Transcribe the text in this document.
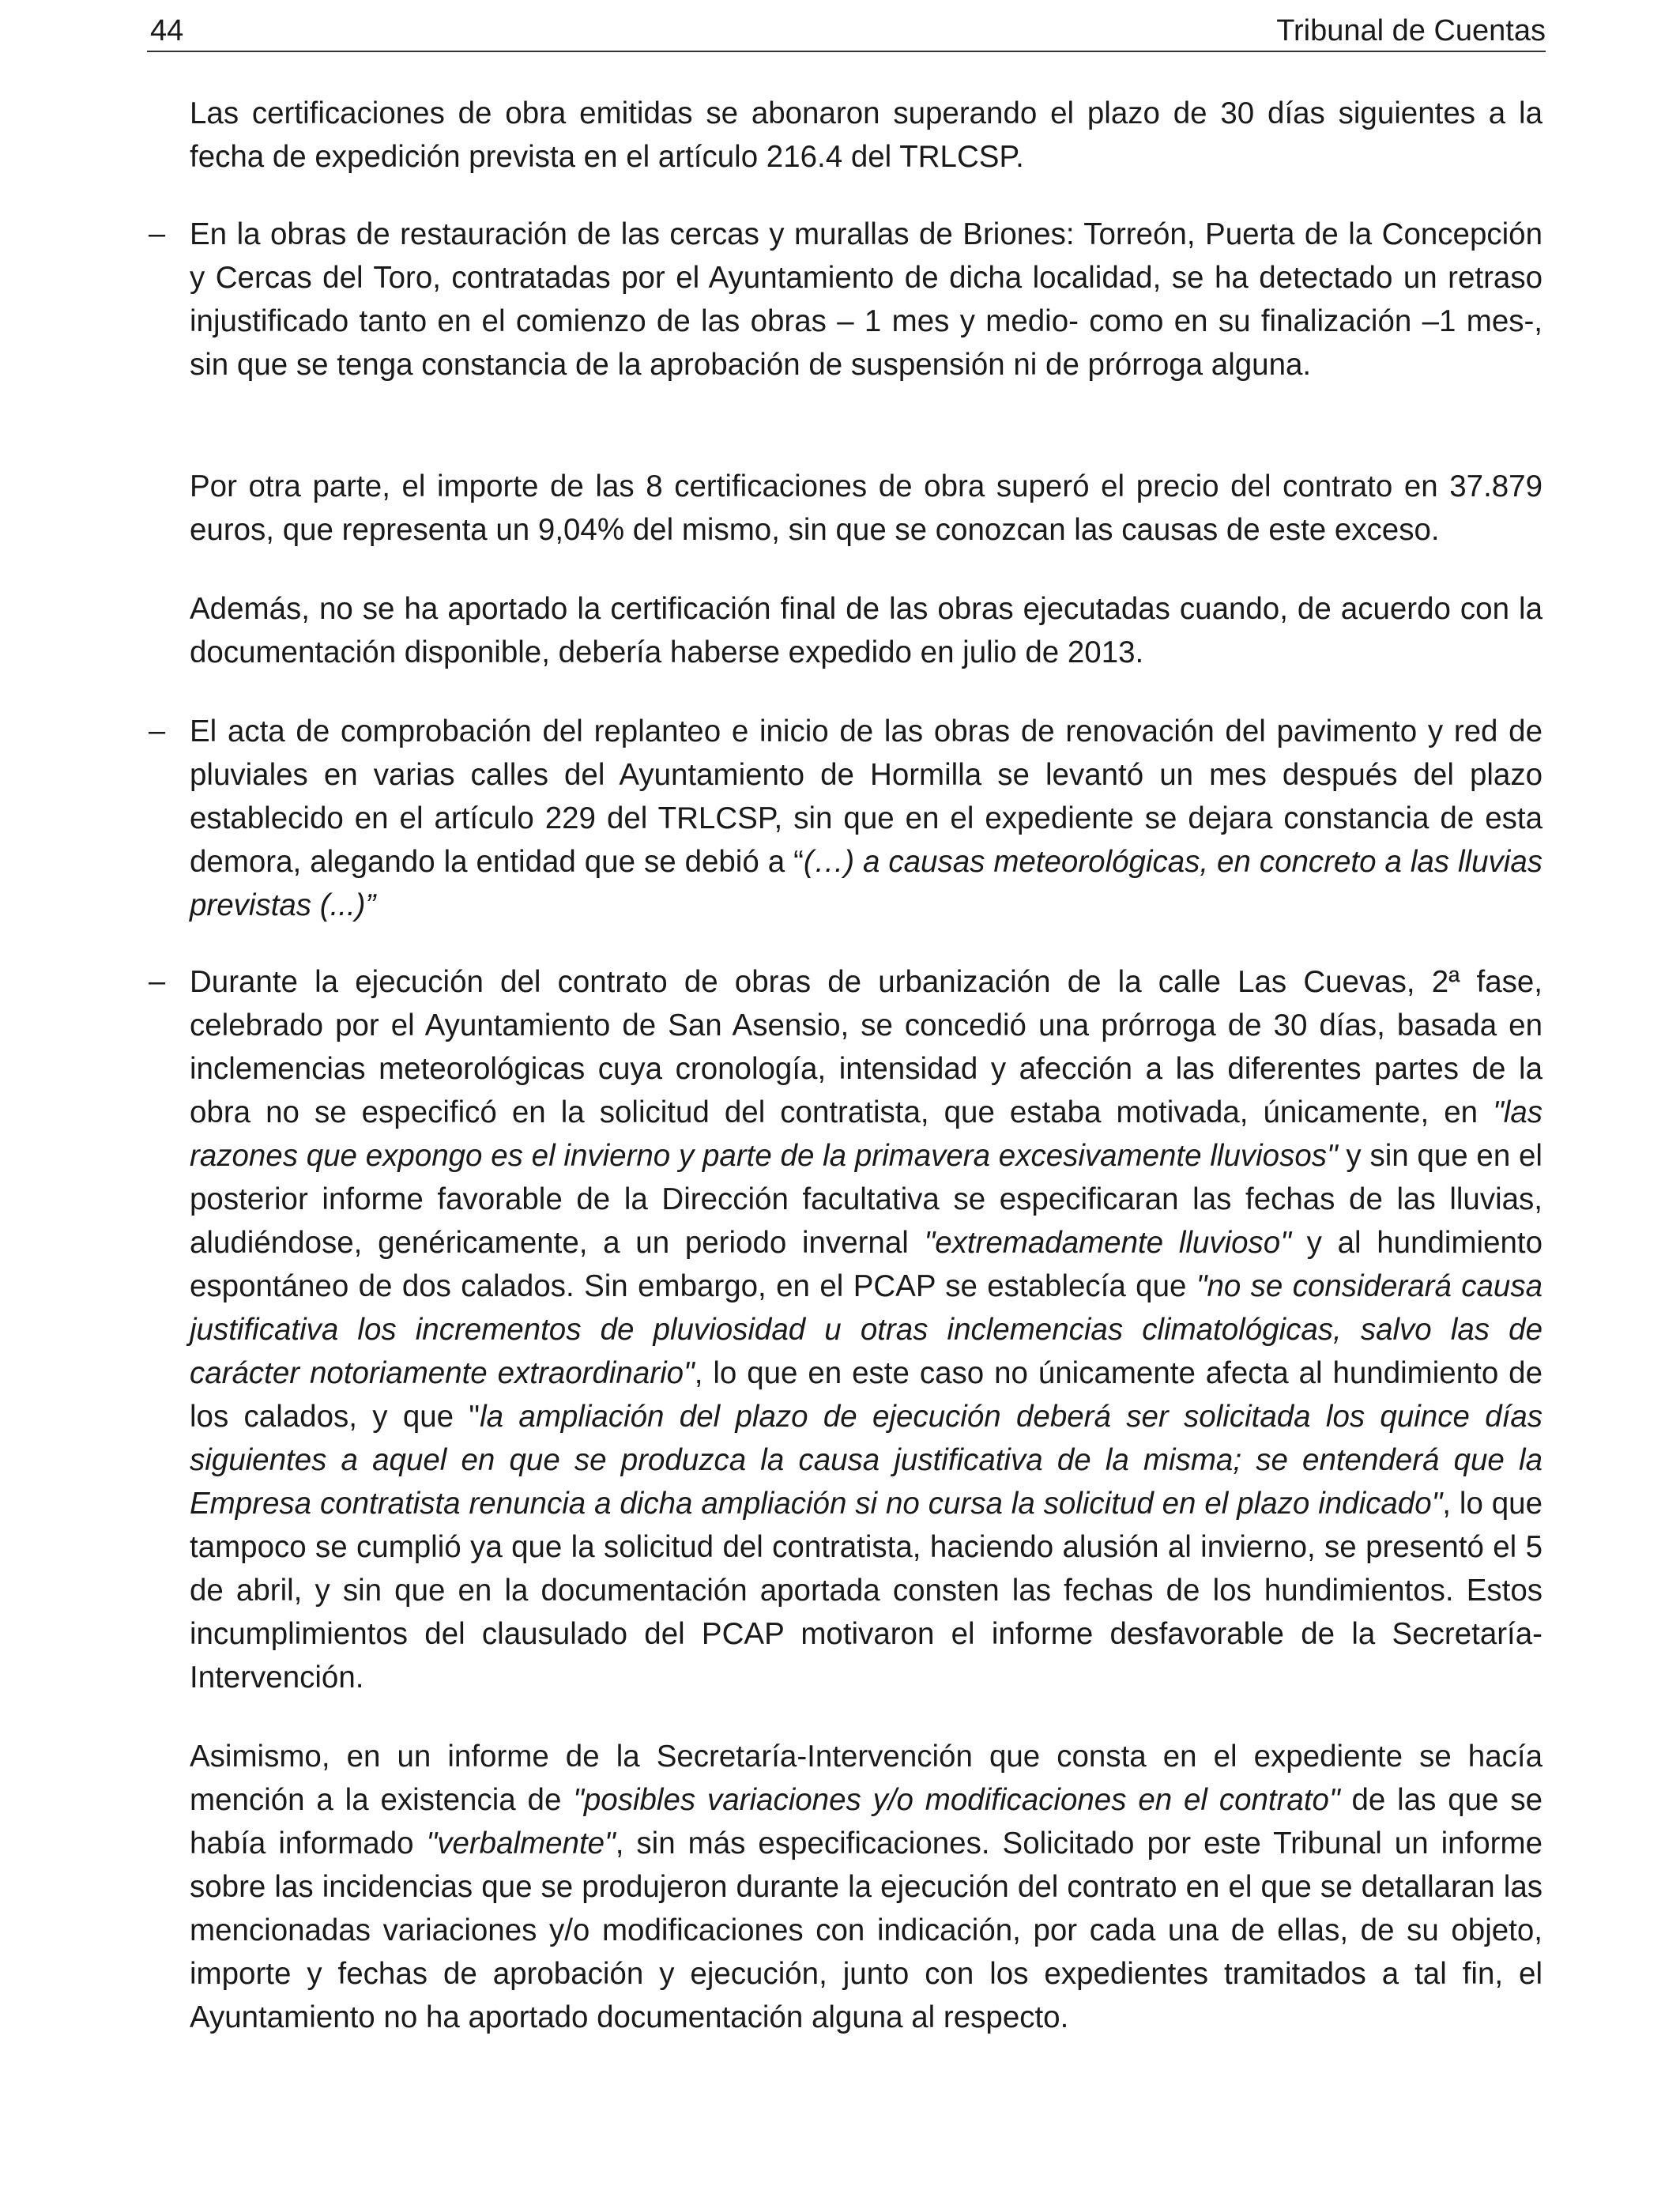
44	Tribunal de Cuentas
–
–
–

Las certificaciones de obra emitidas se abonaron superando el plazo de 30 días siguientes a la fecha de expedición prevista en el artículo 216.4 del TRLCSP.

En la obras de restauración de las cercas y murallas de Briones: Torreón, Puerta de la Concepción y Cercas del Toro, contratadas por el Ayuntamiento de dicha localidad, se ha detectado un retraso injustificado tanto en el comienzo de las obras – 1 mes y medio- como en su finalización –1 mes-, sin que se tenga constancia de la aprobación de suspensión ni de prórroga alguna.

Por otra parte, el importe de las 8 certificaciones de obra superó el precio del contrato en 37.879 euros, que representa un 9,04% del mismo, sin que se conozcan las causas de este exceso.

Además, no se ha aportado la certificación final de las obras ejecutadas cuando, de acuerdo con la documentación disponible, debería haberse expedido en julio de 2013.

El acta de comprobación del replanteo e inicio de las obras de renovación del pavimento y red de pluviales en varias calles del Ayuntamiento de Hormilla se levantó un mes después del plazo establecido en el artículo 229 del TRLCSP, sin que en el expediente se dejara constancia de esta demora, alegando la entidad que se debió a “(…) a causas meteorológicas, en concreto a las lluvias previstas (...)”

Durante la ejecución del contrato de obras de urbanización de la calle Las Cuevas, 2ª fase, celebrado por el Ayuntamiento de San Asensio, se concedió una prórroga de 30 días, basada en inclemencias meteorológicas cuya cronología, intensidad y afección a las diferentes partes de la obra no se especificó en la solicitud del contratista, que estaba motivada, únicamente, en "las razones que expongo es el invierno y parte de la primavera excesivamente lluviosos" y sin que en el posterior informe favorable de la Dirección facultativa se especificaran las fechas de las lluvias, aludiéndose, genéricamente, a un periodo invernal "extremadamente lluvioso" y al hundimiento espontáneo de dos calados. Sin embargo, en el PCAP se establecía que "no se considerará causa justificativa los incrementos de pluviosidad u otras inclemencias climatológicas, salvo las de carácter notoriamente extraordinario", lo que en este caso no únicamente afecta al hundimiento de los calados, y que "la ampliación del plazo de ejecución deberá ser solicitada los quince días siguientes a aquel en que se produzca la causa justificativa de la misma; se entenderá que la Empresa contratista renuncia a dicha ampliación si no cursa la solicitud en el plazo indicado", lo que tampoco se cumplió ya que la solicitud del contratista, haciendo alusión al invierno, se presentó el 5 de abril, y sin que en la documentación aportada consten las fechas de los hundimientos. Estos incumplimientos del clausulado del PCAP motivaron el informe desfavorable de la Secretaría-Intervención.

Asimismo, en un informe de la Secretaría-Intervención que consta en el expediente se hacía mención a la existencia de "posibles variaciones y/o modificaciones en el contrato" de las que se había informado "verbalmente", sin más especificaciones. Solicitado por este Tribunal un informe sobre las incidencias que se produjeron durante la ejecución del contrato en el que se detallaran las mencionadas variaciones y/o modificaciones con indicación, por cada una de ellas, de su objeto, importe y fechas de aprobación y ejecución, junto con los expedientes tramitados a tal fin, el Ayuntamiento no ha aportado documentación alguna al respecto.
